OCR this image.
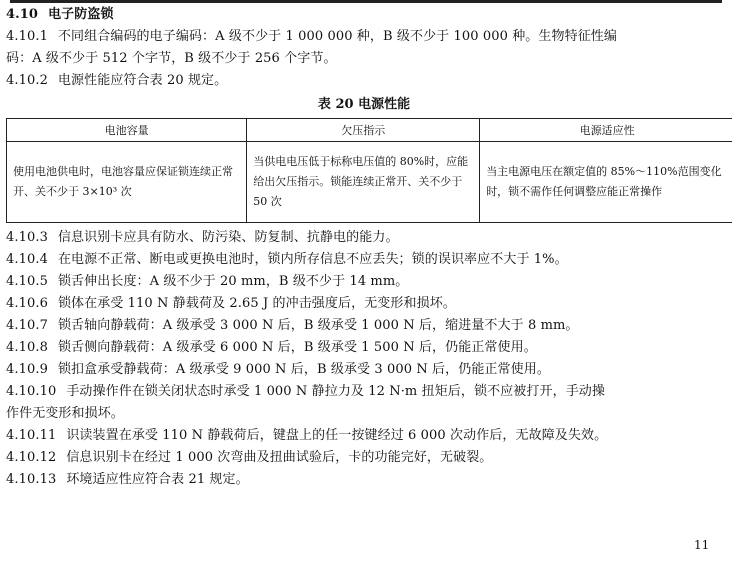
4.10 电子防盗锁
4.10.1 不同组合编码的电子编码：A 级不少于 1 000 000 种，B 级不少于 100 000 种。生物特征性编
码：A 级不少于 512 个字节，B 级不少于 256 个字节。
4.10.2 电源性能应符合表 20 规定。
表 20 电源性能
电池容量	欠压指示	电源适应性
使用电池供电时，电池容量应保证锁连续正常开、关不少于 3×10³ 次	当供电电压低于标称电压值的 80%时，应能给出欠压指示。锁能连续正常开、关不少于 50 次	当主电源电压在额定值的 85%～110%范围变化时，锁不需作任何调整应能正常操作
4.10.3 信息识别卡应具有防水、防污染、防复制、抗静电的能力。
4.10.4 在电源不正常、断电或更换电池时，锁内所存信息不应丢失；锁的误识率应不大于 1%。
4.10.5 锁舌伸出长度：A 级不少于 20 mm，B 级不少于 14 mm。
4.10.6 锁体在承受 110 N 静载荷及 2.65 J 的冲击强度后，无变形和损坏。
4.10.7 锁舌轴向静载荷：A 级承受 3 000 N 后，B 级承受 1 000 N 后，缩进量不大于 8 mm。
4.10.8 锁舌侧向静载荷：A 级承受 6 000 N 后，B 级承受 1 500 N 后，仍能正常使用。
4.10.9 锁扣盒承受静载荷：A 级承受 9 000 N 后，B 级承受 3 000 N 后，仍能正常使用。
4.10.10 手动操作件在锁关闭状态时承受 1 000 N 静拉力及 12 N·m 扭矩后，锁不应被打开，手动操
作件无变形和损坏。
4.10.11 识读装置在承受 110 N 静载荷后，键盘上的任一按键经过 6 000 次动作后，无故障及失效。
4.10.12 信息识别卡在经过 1 000 次弯曲及扭曲试验后，卡的功能完好，无破裂。
4.10.13 环境适应性应符合表 21 规定。
11
